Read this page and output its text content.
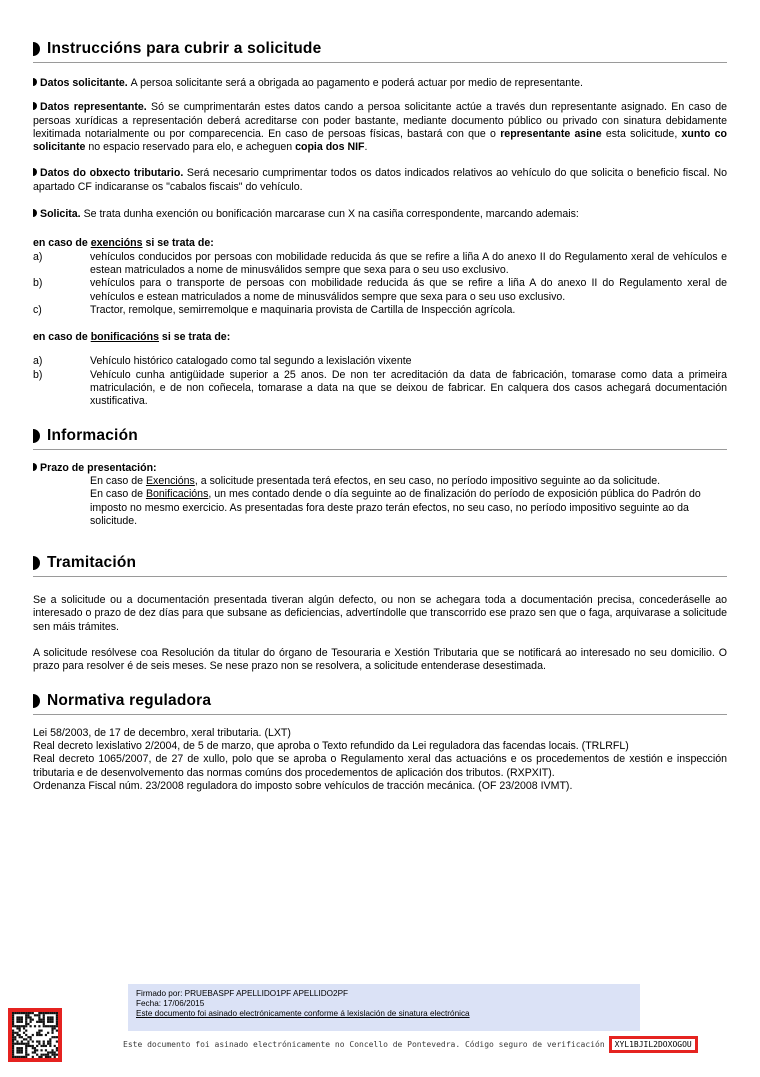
Instruccións para cubrir a solicitude

Datos solicitante. A persoa solicitante será a obrigada ao pagamento e poderá actuar por medio de representante.

Datos representante. Só se cumprimentarán estes datos cando a persoa solicitante actúe a través dun representante asignado. En caso de persoas xurídicas a representación deberá acreditarse con poder bastante, mediante documento público ou privado con sinatura debidamente lexitimada notarialmente ou por comparecencia. En caso de persoas físicas, bastará con que o representante asine esta solicitude, xunto co solicitante no espacio reservado para elo, e acheguen copia dos NIF.

Datos do obxecto tributario. Será necesario cumprimentar todos os datos indicados relativos ao vehículo do que solicita o beneficio fiscal. No apartado CF indicaranse os "cabalos fiscais" do vehículo.

Solicita. Se trata dunha exención ou bonificación marcarase cun X na casiña correspondente, marcando ademais:

en caso de exencións si se trata de:
a)	vehículos conducidos por persoas con mobilidade reducida ás que se refire a liña A do anexo II do Regulamento xeral de vehículos e estean matriculados a nome de minusválidos sempre que sexa para o seu uso exclusivo.
b)	vehículos para o transporte de persoas con mobilidade reducida ás que se refire a liña A do anexo II do Regulamento xeral de vehículos e estean matriculados a nome de minusválidos sempre que sexa para o seu uso exclusivo.
c)	Tractor, remolque, semirremolque e maquinaria provista de Cartilla de Inspección agrícola.
en caso de bonificacións si se trata de:
a)	Vehículo histórico catalogado como tal segundo a lexislación vixente
b)	Vehículo cunha antigüidade superior a 25 anos. De non ter acreditación da data de fabricación, tomarase como data a primeira matriculación, e de non coñecela, tomarase a data na que se deixou de fabricar. En calquera dos casos achegará documentación xustificativa.
Información

Prazo de presentación:

En caso de Exencións, a solicitude presentada terá efectos, en seu caso, no período impositivo seguinte ao da solicitude.
En caso de Bonificacións, un mes contado dende o día seguinte ao de finalización do período de exposición pública do Padrón do imposto no mesmo exercicio. As presentadas fora deste prazo terán efectos, no seu caso, no período impositivo seguinte ao da solicitude.
Tramitación

Se a solicitude ou a documentación presentada tiveran algún defecto, ou non se achegara toda a documentación precisa, concederáselle ao interesado o prazo de dez días para que subsane as deficiencias, advertíndolle que transcorrido ese prazo sen que o faga, arquivarase a solicitude sen máis trámites.

A solicitude resólvese coa Resolución da titular do órgano de Tesouraria e Xestión Tributaria que se notificará ao interesado no seu domicilio. O prazo para resolver é de seis meses. Se nese prazo non se resolvera, a solicitude entenderase desestimada.

Normativa reguladora
Lei 58/2003, de 17 de decembro, xeral tributaria. (LXT)
Real decreto lexislativo 2/2004, de 5 de marzo, que aproba o Texto refundido da Lei reguladora das facendas locais. (TRLRFL)
Real decreto 1065/2007, de 27 de xullo, polo que se aproba o Regulamento xeral das actuacións e os procedementos de xestión e inspección tributaria e de desenvolvemento das normas comúns dos procedementos de aplicación dos tributos. (RXPXIT).
Ordenanza Fiscal núm. 23/2008 reguladora do imposto sobre vehículos de tracción mecánica. (OF 23/2008 IVMT).
Firmado por: PRUEBASPF APELLIDO1PF APELLIDO2PF
Fecha: 17/06/2015
Este documento foi asinado electrónicamente conforme á lexislación de sinatura electrónica
Este documento foi asinado electrónicamente no Concello de Pontevedra. Código seguro de verificación	XYL1BJIL2DOXOGOU
